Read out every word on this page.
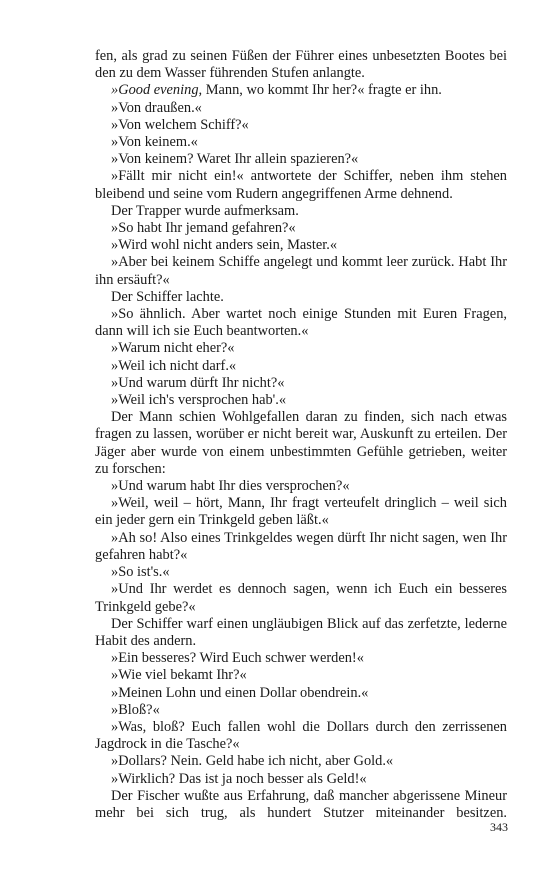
fen, als grad zu seinen Füßen der Führer eines unbesetzten Bootes bei den zu dem Wasser führenden Stufen anlangte.

»Good evening, Mann, wo kommt Ihr her?« fragte er ihn.

»Von draußen.«

»Von welchem Schiff?«

»Von keinem.«

»Von keinem? Waret Ihr allein spazieren?«

»Fällt mir nicht ein!« antwortete der Schiffer, neben ihm stehen bleibend und seine vom Rudern angegriffenen Arme dehnend.

Der Trapper wurde aufmerksam.

»So habt Ihr jemand gefahren?«

»Wird wohl nicht anders sein, Master.«

»Aber bei keinem Schiffe angelegt und kommt leer zurück. Habt Ihr ihn ersäuft?«

Der Schiffer lachte.

»So ähnlich. Aber wartet noch einige Stunden mit Euren Fragen, dann will ich sie Euch beantworten.«

»Warum nicht eher?«

»Weil ich nicht darf.«

»Und warum dürft Ihr nicht?«

»Weil ich's versprochen hab'.«

Der Mann schien Wohlgefallen daran zu finden, sich nach etwas fragen zu lassen, worüber er nicht bereit war, Auskunft zu erteilen. Der Jäger aber wurde von einem unbestimmten Gefühle getrieben, weiter zu forschen:

»Und warum habt Ihr dies versprochen?«

»Weil, weil – hört, Mann, Ihr fragt verteufelt dringlich – weil sich ein jeder gern ein Trinkgeld geben läßt.«

»Ah so! Also eines Trinkgeldes wegen dürft Ihr nicht sagen, wen Ihr gefahren habt?«

»So ist's.«

»Und Ihr werdet es dennoch sagen, wenn ich Euch ein besseres Trinkgeld gebe?«

Der Schiffer warf einen ungläubigen Blick auf das zerfetzte, lederne Habit des andern.

»Ein besseres? Wird Euch schwer werden!«

»Wie viel bekamt Ihr?«

»Meinen Lohn und einen Dollar obendrein.«

»Bloß?«

»Was, bloß? Euch fallen wohl die Dollars durch den zerrissenen Jagdrock in die Tasche?«

»Dollars? Nein. Geld habe ich nicht, aber Gold.«

»Wirklich? Das ist ja noch besser als Geld!«

Der Fischer wußte aus Erfahrung, daß mancher abgerissene Mineur mehr bei sich trug, als hundert Stutzer miteinander besitzen.

343
